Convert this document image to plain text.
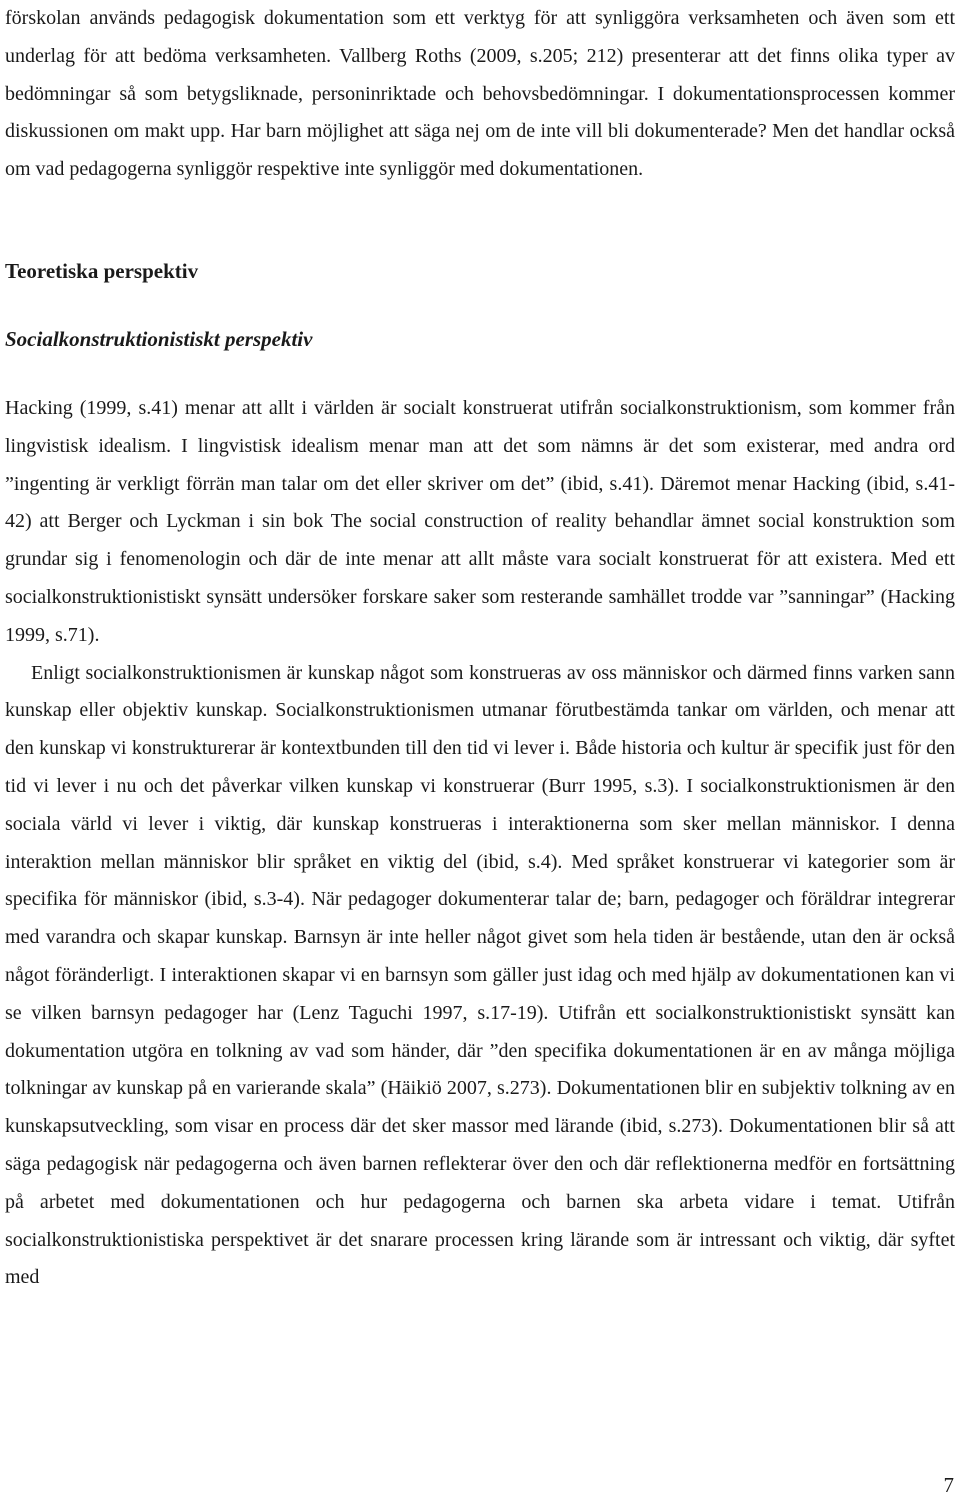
förskolan används pedagogisk dokumentation som ett verktyg för att synliggöra verksamheten och även som ett underlag för att bedöma verksamheten. Vallberg Roths (2009, s.205; 212) presenterar att det finns olika typer av bedömningar så som betygsliknade, personinriktade och behovsbedömningar. I dokumentationsprocessen kommer diskussionen om makt upp. Har barn möjlighet att säga nej om de inte vill bli dokumenterade? Men det handlar också om vad pedagogerna synliggör respektive inte synliggör med dokumentationen.

Teoretiska perspektiv
Socialkonstruktionistiskt perspektiv

Hacking (1999, s.41) menar att allt i världen är socialt konstruerat utifrån socialkonstruktionism, som kommer från lingvistisk idealism. I lingvistisk idealism menar man att det som nämns är det som existerar, med andra ord ”ingenting är verkligt förrän man talar om det eller skriver om det” (ibid, s.41). Däremot menar Hacking (ibid, s.41-42) att Berger och Lyckman i sin bok The social construction of reality behandlar ämnet social konstruktion som grundar sig i fenomenologin och där de inte menar att allt måste vara socialt konstruerat för att existera. Med ett socialkonstruktionistiskt synsätt undersöker forskare saker som resterande samhället trodde var ”sanningar” (Hacking 1999, s.71).

Enligt socialkonstruktionismen är kunskap något som konstrueras av oss människor och därmed finns varken sann kunskap eller objektiv kunskap. Socialkonstruktionismen utmanar förutbestämda tankar om världen, och menar att den kunskap vi konstrukturerar är kontextbunden till den tid vi lever i. Både historia och kultur är specifik just för den tid vi lever i nu och det påverkar vilken kunskap vi konstruerar (Burr 1995, s.3). I socialkonstruktionismen är den sociala värld vi lever i viktig, där kunskap konstrueras i interaktionerna som sker mellan människor. I denna interaktion mellan människor blir språket en viktig del (ibid, s.4). Med språket konstruerar vi kategorier som är specifika för människor (ibid, s.3-4). När pedagoger dokumenterar talar de; barn, pedagoger och föräldrar integrerar med varandra och skapar kunskap. Barnsyn är inte heller något givet som hela tiden är bestående, utan den är också något föränderligt. I interaktionen skapar vi en barnsyn som gäller just idag och med hjälp av dokumentationen kan vi se vilken barnsyn pedagoger har (Lenz Taguchi 1997, s.17-19). Utifrån ett socialkonstruktionistiskt synsätt kan dokumentation utgöra en tolkning av vad som händer, där ”den specifika dokumentationen är en av många möjliga tolkningar av kunskap på en varierande skala” (Häikiö 2007, s.273). Dokumentationen blir en subjektiv tolkning av en kunskapsutveckling, som visar en process där det sker massor med lärande (ibid, s.273). Dokumentationen blir så att säga pedagogisk när pedagogerna och även barnen reflekterar över den och där reflektionerna medför en fortsättning på arbetet med dokumentationen och hur pedagogerna och barnen ska arbeta vidare i temat. Utifrån socialkonstruktionistiska perspektivet är det snarare processen kring lärande som är intressant och viktig, där syftet med

7
